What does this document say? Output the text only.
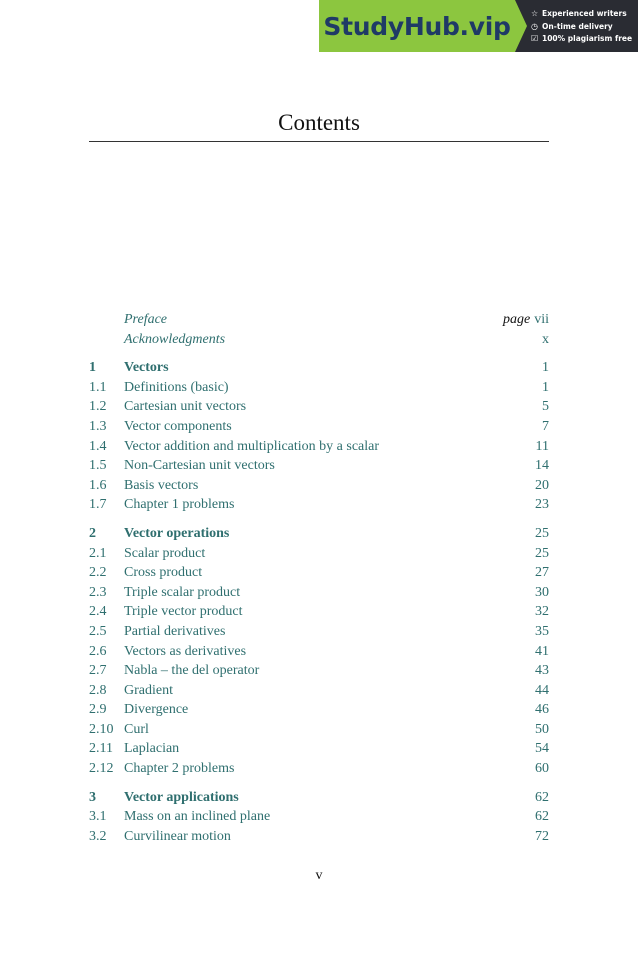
StudyHub.vip	☆ Experienced writers
◷ On-time delivery
☑ 100% plagiarism free
Contents
Preface	page vii
Acknowledgments	x
1 Vectors	1
1.1 Definitions (basic)	1
1.2 Cartesian unit vectors	5
1.3 Vector components	7
1.4 Vector addition and multiplication by a scalar	11
1.5 Non-Cartesian unit vectors	14
1.6 Basis vectors	20
1.7 Chapter 1 problems	23
2 Vector operations	25
2.1 Scalar product	25
2.2 Cross product	27
2.3 Triple scalar product	30
2.4 Triple vector product	32
2.5 Partial derivatives	35
2.6 Vectors as derivatives	41
2.7 Nabla – the del operator	43
2.8 Gradient	44
2.9 Divergence	46
2.10 Curl	50
2.11 Laplacian	54
2.12 Chapter 2 problems	60
3 Vector applications	62
3.1 Mass on an inclined plane	62
3.2 Curvilinear motion	72
v
